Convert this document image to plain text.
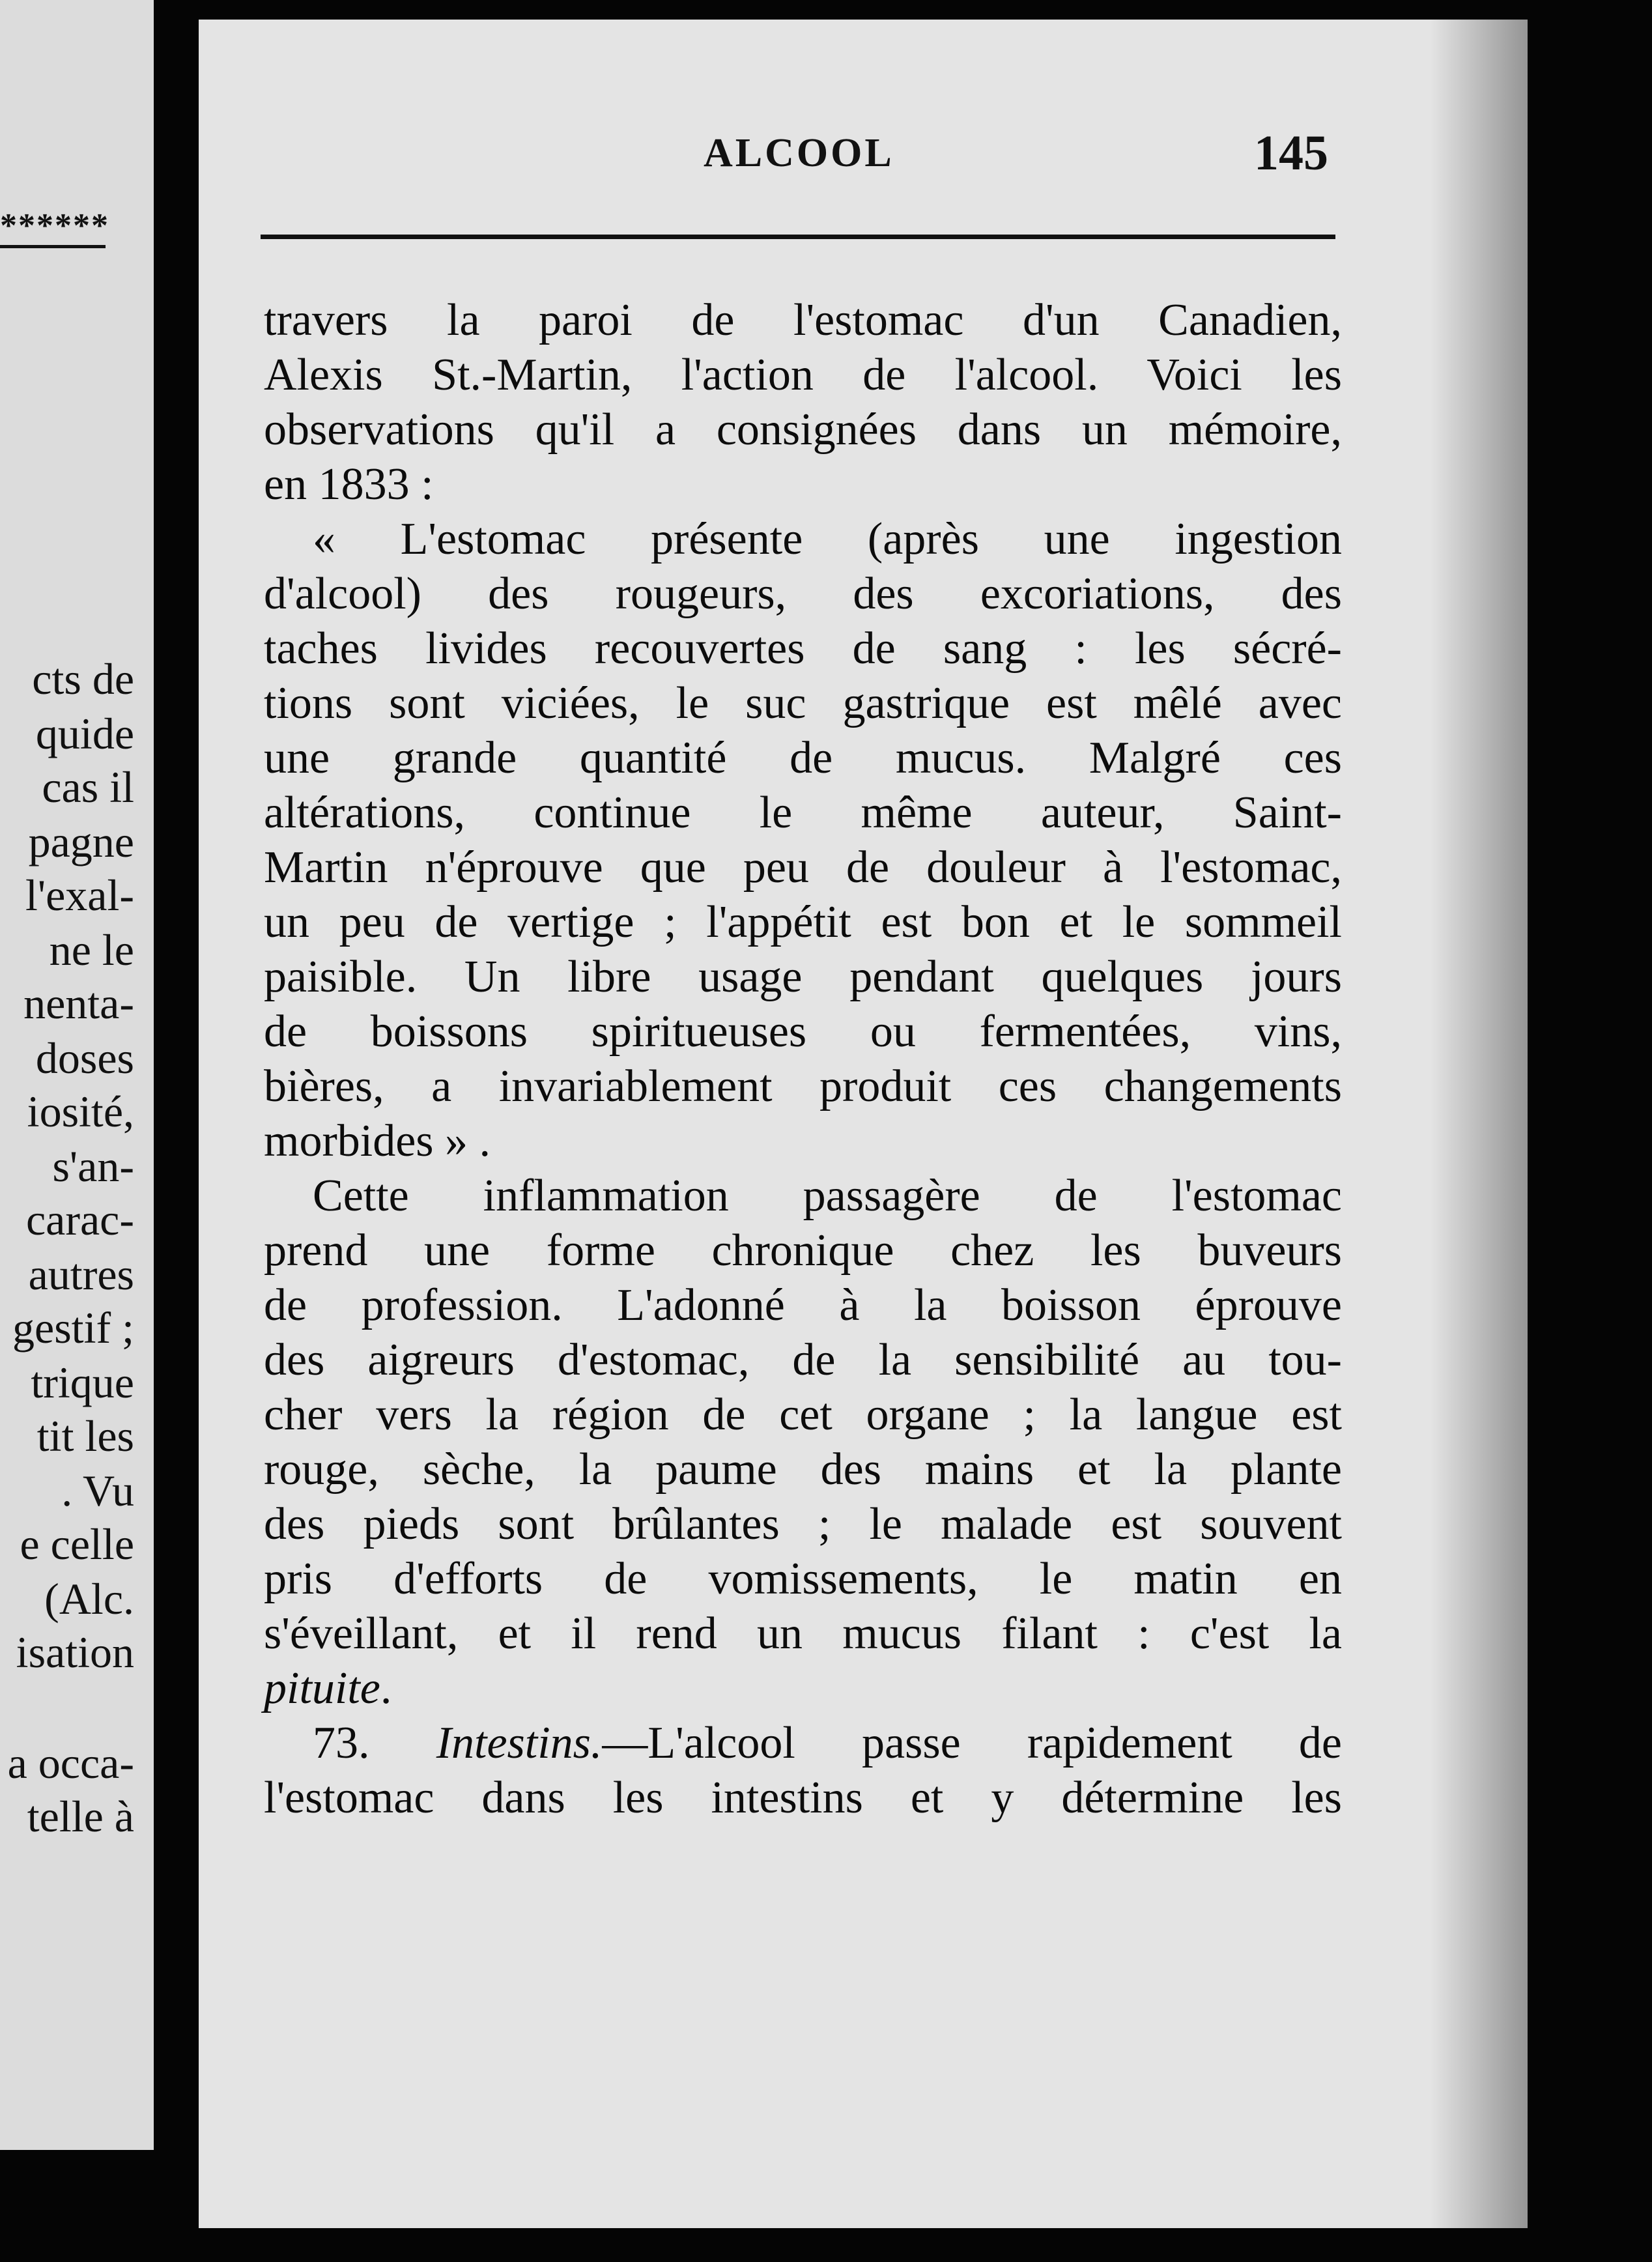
******
cts de
quide
cas il
pagne
l'exal-
ne le
nenta-
doses
iosité,
s'an-
carac-
autres
gestif ;
trique
tit les
. Vu
e celle
(Alc.
isation
a occa-
telle à
ALCOOL	145
travers la paroi de l'estomac d'un Canadien,
Alexis St.-Martin, l'action de l'alcool. Voici les
observations qu'il a consignées dans un mémoire,
en 1833 :
« L'estomac présente (après une ingestion
d'alcool) des rougeurs, des excoriations, des
taches livides recouvertes de sang : les sécré-
tions sont viciées, le suc gastrique est mêlé avec
une grande quantité de mucus. Malgré ces
altérations, continue le même auteur, Saint-
Martin n'éprouve que peu de douleur à l'estomac,
un peu de vertige ; l'appétit est bon et le sommeil
paisible. Un libre usage pendant quelques jours
de boissons spiritueuses ou fermentées, vins,
bières, a invariablement produit ces changements
morbides » .
Cette inflammation passagère de l'estomac
prend une forme chronique chez les buveurs
de profession. L'adonné à la boisson éprouve
des aigreurs d'estomac, de la sensibilité au tou-
cher vers la région de cet organe ; la langue est
rouge, sèche, la paume des mains et la plante
des pieds sont brûlantes ; le malade est souvent
pris d'efforts de vomissements, le matin en
s'éveillant, et il rend un mucus filant : c'est la
pituite.
73. Intestins.—L'alcool passe rapidement de
l'estomac dans les intestins et y détermine les
